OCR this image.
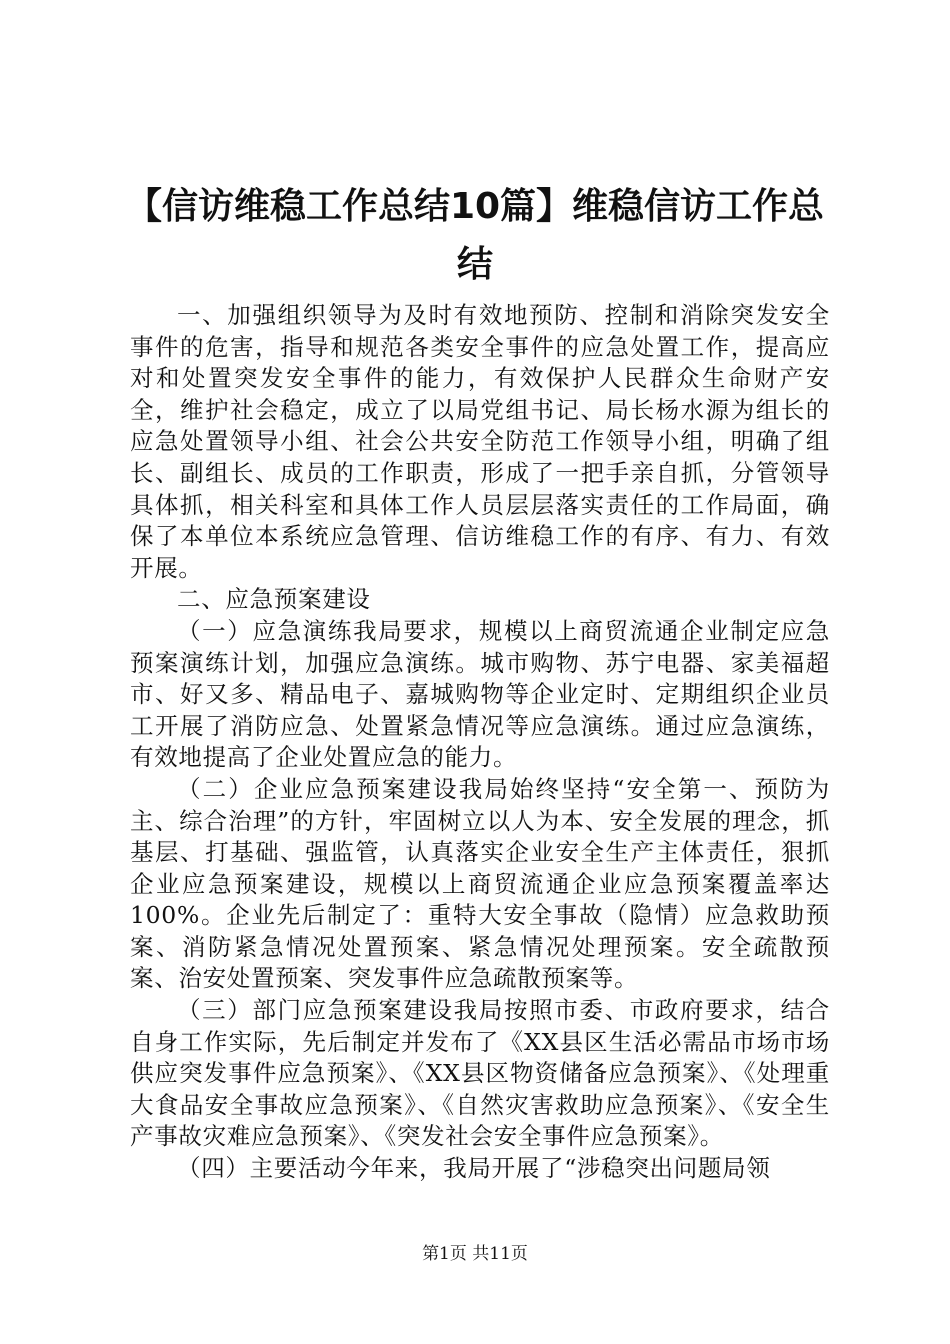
【信访维稳工作总结10篇】维稳信访工作总结

一、加强组织领导为及时有效地预防、控制和消除突发安全事件的危害，指导和规范各类安全事件的应急处置工作，提高应对和处置突发安全事件的能力，有效保护人民群众生命财产安全，维护社会稳定，成立了以局党组书记、局长杨水源为组长的应急处置领导小组、社会公共安全防范工作领导小组，明确了组长、副组长、成员的工作职责，形成了一把手亲自抓，分管领导具体抓，相关科室和具体工作人员层层落实责任的工作局面，确保了本单位本系统应急管理、信访维稳工作的有序、有力、有效开展。

二、应急预案建设

（一）应急演练我局要求，规模以上商贸流通企业制定应急预案演练计划，加强应急演练。城市购物、苏宁电器、家美福超市、好又多、精品电子、嘉城购物等企业定时、定期组织企业员工开展了消防应急、处置紧急情况等应急演练。通过应急演练，有效地提高了企业处置应急的能力。

（二）企业应急预案建设我局始终坚持“安全第一、预防为主、综合治理”的方针，牢固树立以人为本、安全发展的理念，抓基层、打基础、强监管，认真落实企业安全生产主体责任，狠抓企业应急预案建设，规模以上商贸流通企业应急预案覆盖率达100%。企业先后制定了：重特大安全事故（隐情）应急救助预案、消防紧急情况处置预案、紧急情况处理预案。安全疏散预案、治安处置预案、突发事件应急疏散预案等。

（三）部门应急预案建设我局按照市委、市政府要求，结合自身工作实际，先后制定并发布了《XX县区生活必需品市场市场供应突发事件应急预案》、《XX县区物资储备应急预案》、《处理重大食品安全事故应急预案》、《自然灾害救助应急预案》、《安全生产事故灾难应急预案》、《突发社会安全事件应急预案》。

（四）主要活动今年来，我局开展了“涉稳突出问题局领

第1页 共11页
